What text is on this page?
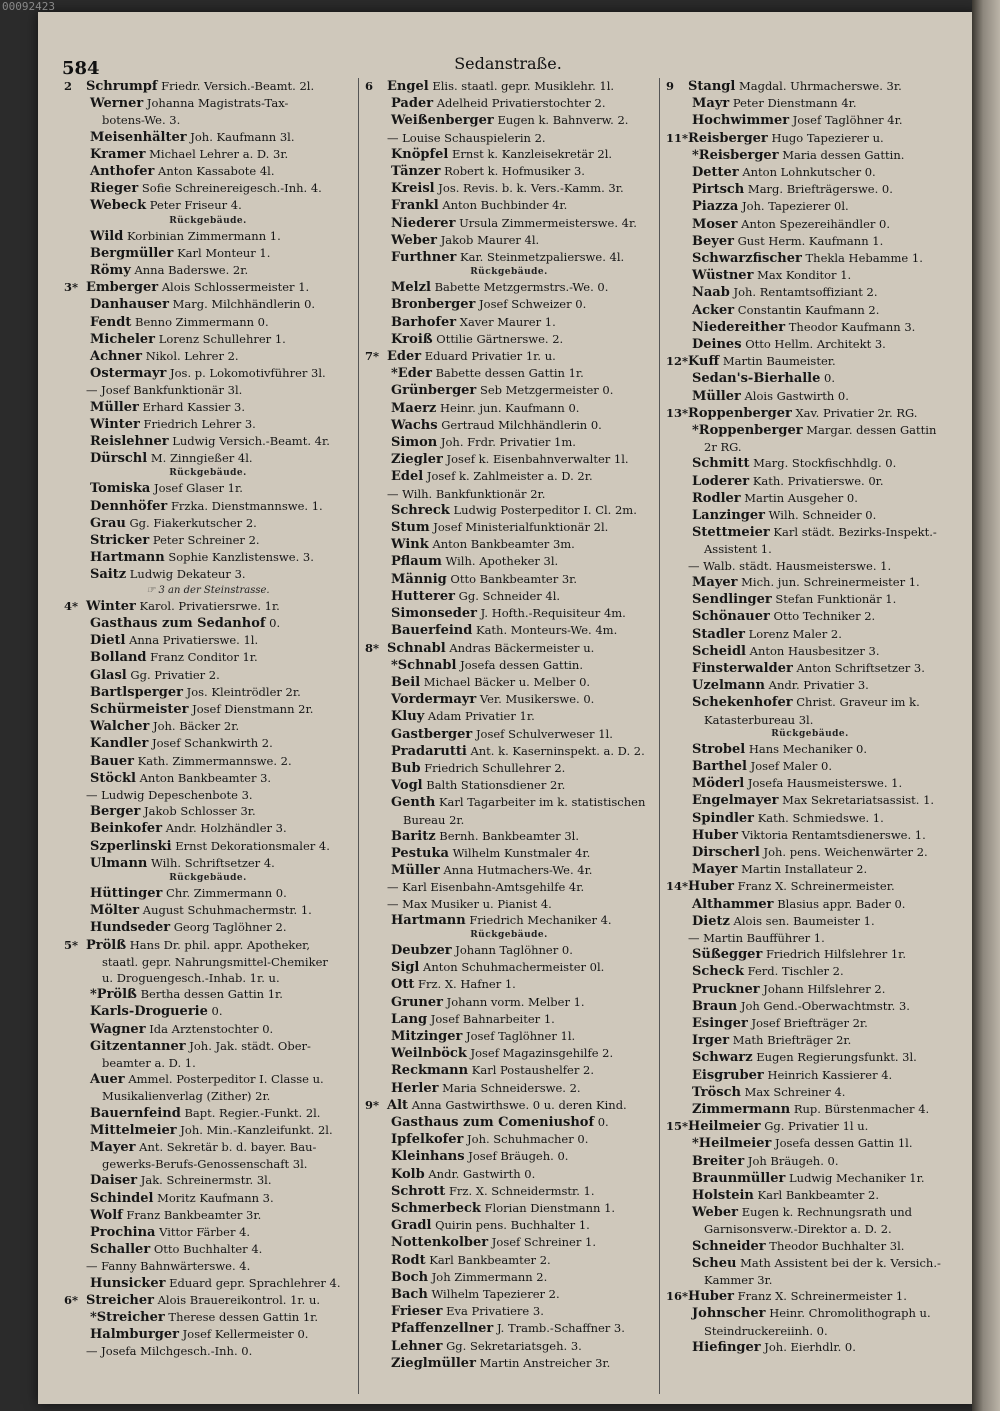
584	Sedanstraße.
2 Schrumpf Friedr. Versich.-Beamt. 2l.
Werner Johanna Magistrats-Tax-
botens-We. 3.
Meisenhälter Joh. Kaufmann 3l.
Kramer Michael Lehrer a. D. 3r.
Anthofer Anton Kassabote 4l.
Rieger Sofie Schreinereigesch.-Inh. 4.
Webeck Peter Friseur 4.
Rückgebäude.
Wild Korbinian Zimmermann 1.
Bergmüller Karl Monteur 1.
Römy Anna Baderswe. 2r.
3* Emberger Alois Schlossermeister 1.
Danhauser Marg. Milchhändlerin 0.
Fendt Benno Zimmermann 0.
Micheler Lorenz Schullehrer 1.
Achner Nikol. Lehrer 2.
Ostermayr Jos. p. Lokomotivführer 3l.
— Josef Bankfunktionär 3l.
Müller Erhard Kassier 3.
Winter Friedrich Lehrer 3.
Reislehner Ludwig Versich.-Beamt. 4r.
Dürschl M. Zinngießer 4l.
Rückgebäude.
Tomiska Josef Glaser 1r.
Dennhöfer Frzka. Dienstmannswe. 1.
Grau Gg. Fiakerkutscher 2.
Stricker Peter Schreiner 2.
Hartmann Sophie Kanzlistenswe. 3.
Saitz Ludwig Dekateur 3.
☞ 3 an der Steinstrasse.
4* Winter Karol. Privatiersrwe. 1r.
Gasthaus zum Sedanhof 0.
Dietl Anna Privatierswe. 1l.
Bolland Franz Conditor 1r.
Glasl Gg. Privatier 2.
Bartlsperger Jos. Kleintrödler 2r.
Schürmeister Josef Dienstmann 2r.
Walcher Joh. Bäcker 2r.
Kandler Josef Schankwirth 2.
Bauer Kath. Zimmermannswe. 2.
Stöckl Anton Bankbeamter 3.
— Ludwig Depeschenbote 3.
Berger Jakob Schlosser 3r.
Beinkofer Andr. Holzhändler 3.
Szperlinski Ernst Dekorationsmaler 4.
Ulmann Wilh. Schriftsetzer 4.
Rückgebäude.
Hüttinger Chr. Zimmermann 0.
Mölter August Schuhmachermstr. 1.
Hundseder Georg Taglöhner 2.
5* Prölß Hans Dr. phil. appr. Apotheker,
staatl. gepr. Nahrungsmittel-Chemiker
u. Droguengesch.-Inhab. 1r. u.
*Prölß Bertha dessen Gattin 1r.
Karls-Droguerie 0.
Wagner Ida Arztenstochter 0.
Gitzentanner Joh. Jak. städt. Ober-
beamter a. D. 1.
Auer Ammel. Posterpeditor I. Classe u.
Musikalienverlag (Zither) 2r.
Bauernfeind Bapt. Regier.-Funkt. 2l.
Mittelmeier Joh. Min.-Kanzleifunkt. 2l.
Mayer Ant. Sekretär b. d. bayer. Bau-
gewerks-Berufs-Genossenschaft 3l.
Daiser Jak. Schreinermstr. 3l.
Schindel Moritz Kaufmann 3.
Wolf Franz Bankbeamter 3r.
Prochina Vittor Färber 4.
Schaller Otto Buchhalter 4.
— Fanny Bahnwärterswe. 4.
Hunsicker Eduard gepr. Sprachlehrer 4.
6* Streicher Alois Brauereikontrol. 1r. u.
*Streicher Therese dessen Gattin 1r.
Halmburger Josef Kellermeister 0.
— Josefa Milchgesch.-Inh. 0.
6 Engel Elis. staatl. gepr. Musiklehr. 1l.
Pader Adelheid Privatierstochter 2.
Weißenberger Eugen k. Bahnverw. 2.
— Louise Schauspielerin 2.
Knöpfel Ernst k. Kanzleisekretär 2l.
Tänzer Robert k. Hofmusiker 3.
Kreisl Jos. Revis. b. k. Vers.-Kamm. 3r.
Frankl Anton Buchbinder 4r.
Niederer Ursula Zimmermeisterswe. 4r.
Weber Jakob Maurer 4l.
Furthner Kar. Steinmetzpalierswe. 4l.
Rückgebäude.
Melzl Babette Metzgermstrs.-We. 0.
Bronberger Josef Schweizer 0.
Barhofer Xaver Maurer 1.
Kroiß Ottilie Gärtnerswe. 2.
7* Eder Eduard Privatier 1r. u.
*Eder Babette dessen Gattin 1r.
Grünberger Seb Metzgermeister 0.
Maerz Heinr. jun. Kaufmann 0.
Wachs Gertraud Milchhändlerin 0.
Simon Joh. Frdr. Privatier 1m.
Ziegler Josef k. Eisenbahnverwalter 1l.
Edel Josef k. Zahlmeister a. D. 2r.
— Wilh. Bankfunktionär 2r.
Schreck Ludwig Posterpeditor I. Cl. 2m.
Stum Josef Ministerialfunktionär 2l.
Wink Anton Bankbeamter 3m.
Pflaum Wilh. Apotheker 3l.
Männig Otto Bankbeamter 3r.
Hutterer Gg. Schneider 4l.
Simonseder J. Hofth.-Requisiteur 4m.
Bauerfeind Kath. Monteurs-We. 4m.
8* Schnabl Andras Bäckermeister u.
*Schnabl Josefa dessen Gattin.
Beil Michael Bäcker u. Melber 0.
Vordermayr Ver. Musikerswe. 0.
Kluy Adam Privatier 1r.
Gastberger Josef Schulverweser 1l.
Pradarutti Ant. k. Kaserninspekt. a. D. 2.
Bub Friedrich Schullehrer 2.
Vogl Balth Stationsdiener 2r.
Genth Karl Tagarbeiter im k. statistischen
Bureau 2r.
Baritz Bernh. Bankbeamter 3l.
Pestuka Wilhelm Kunstmaler 4r.
Müller Anna Hutmachers-We. 4r.
— Karl Eisenbahn-Amtsgehilfe 4r.
— Max Musiker u. Pianist 4.
Hartmann Friedrich Mechaniker 4.
Rückgebäude.
Deubzer Johann Taglöhner 0.
Sigl Anton Schuhmachermeister 0l.
Ott Frz. X. Hafner 1.
Gruner Johann vorm. Melber 1.
Lang Josef Bahnarbeiter 1.
Mitzinger Josef Taglöhner 1l.
Weilnböck Josef Magazinsgehilfe 2.
Reckmann Karl Postaushelfer 2.
Herler Maria Schneiderswe. 2.
9* Alt Anna Gastwirthswe. 0 u. deren Kind.
Gasthaus zum Comeniushof 0.
Ipfelkofer Joh. Schuhmacher 0.
Kleinhans Josef Bräugeh. 0.
Kolb Andr. Gastwirth 0.
Schrott Frz. X. Schneidermstr. 1.
Schmerbeck Florian Dienstmann 1.
Gradl Quirin pens. Buchhalter 1.
Nottenkolber Josef Schreiner 1.
Rodt Karl Bankbeamter 2.
Boch Joh Zimmermann 2.
Bach Wilhelm Tapezierer 2.
Frieser Eva Privatiere 3.
Pfaffenzellner J. Tramb.-Schaffner 3.
Lehner Gg. Sekretariatsgeh. 3.
Zieglmüller Martin Anstreicher 3r.
9 Stangl Magdal. Uhrmacherswe. 3r.
Mayr Peter Dienstmann 4r.
Hochwimmer Josef Taglöhner 4r.
11*Reisberger Hugo Tapezierer u.
*Reisberger Maria dessen Gattin.
Detter Anton Lohnkutscher 0.
Pirtsch Marg. Briefträgerswe. 0.
Piazza Joh. Tapezierer 0l.
Moser Anton Spezereihändler 0.
Beyer Gust Herm. Kaufmann 1.
Schwarzfischer Thekla Hebamme 1.
Wüstner Max Konditor 1.
Naab Joh. Rentamtsoffiziant 2.
Acker Constantin Kaufmann 2.
Niedereither Theodor Kaufmann 3.
Deines Otto Hellm. Architekt 3.
12*Kuff Martin Baumeister.
Sedan's-Bierhalle 0.
Müller Alois Gastwirth 0.
13*Roppenberger Xav. Privatier 2r. RG.
*Roppenberger Margar. dessen Gattin
2r RG.
Schmitt Marg. Stockfischhdlg. 0.
Loderer Kath. Privatierswe. 0r.
Rodler Martin Ausgeher 0.
Lanzinger Wilh. Schneider 0.
Stettmeier Karl städt. Bezirks-Inspekt.-
Assistent 1.
— Walb. städt. Hausmeisterswe. 1.
Mayer Mich. jun. Schreinermeister 1.
Sendlinger Stefan Funktionär 1.
Schönauer Otto Techniker 2.
Stadler Lorenz Maler 2.
Scheidl Anton Hausbesitzer 3.
Finsterwalder Anton Schriftsetzer 3.
Uzelmann Andr. Privatier 3.
Schekenhofer Christ. Graveur im k.
Katasterbureau 3l.
Rückgebäude.
Strobel Hans Mechaniker 0.
Barthel Josef Maler 0.
Möderl Josefa Hausmeisterswe. 1.
Engelmayer Max Sekretariatsassist. 1.
Spindler Kath. Schmiedswe. 1.
Huber Viktoria Rentamtsdienerswe. 1.
Dirscherl Joh. pens. Weichenwärter 2.
Mayer Martin Installateur 2.
14*Huber Franz X. Schreinermeister.
Althammer Blasius appr. Bader 0.
Dietz Alois sen. Baumeister 1.
— Martin Baufführer 1.
Süßegger Friedrich Hilfslehrer 1r.
Scheck Ferd. Tischler 2.
Pruckner Johann Hilfslehrer 2.
Braun Joh Gend.-Oberwachtmstr. 3.
Esinger Josef Briefträger 2r.
Irger Math Briefträger 2r.
Schwarz Eugen Regierungsfunkt. 3l.
Eisgruber Heinrich Kassierer 4.
Trösch Max Schreiner 4.
Zimmermann Rup. Bürstenmacher 4.
15*Heilmeier Gg. Privatier 1l u.
*Heilmeier Josefa dessen Gattin 1l.
Breiter Joh Bräugeh. 0.
Braunmüller Ludwig Mechaniker 1r.
Holstein Karl Bankbeamter 2.
Weber Eugen k. Rechnungsrath und
Garnisonsverw.-Direktor a. D. 2.
Schneider Theodor Buchhalter 3l.
Scheu Math Assistent bei der k. Versich.-
Kammer 3r.
16*Huber Franz X. Schreinermeister 1.
Johnscher Heinr. Chromolithograph u.
Steindruckereiinh. 0.
Hiefinger Joh. Eierhdlr. 0.
00092423
